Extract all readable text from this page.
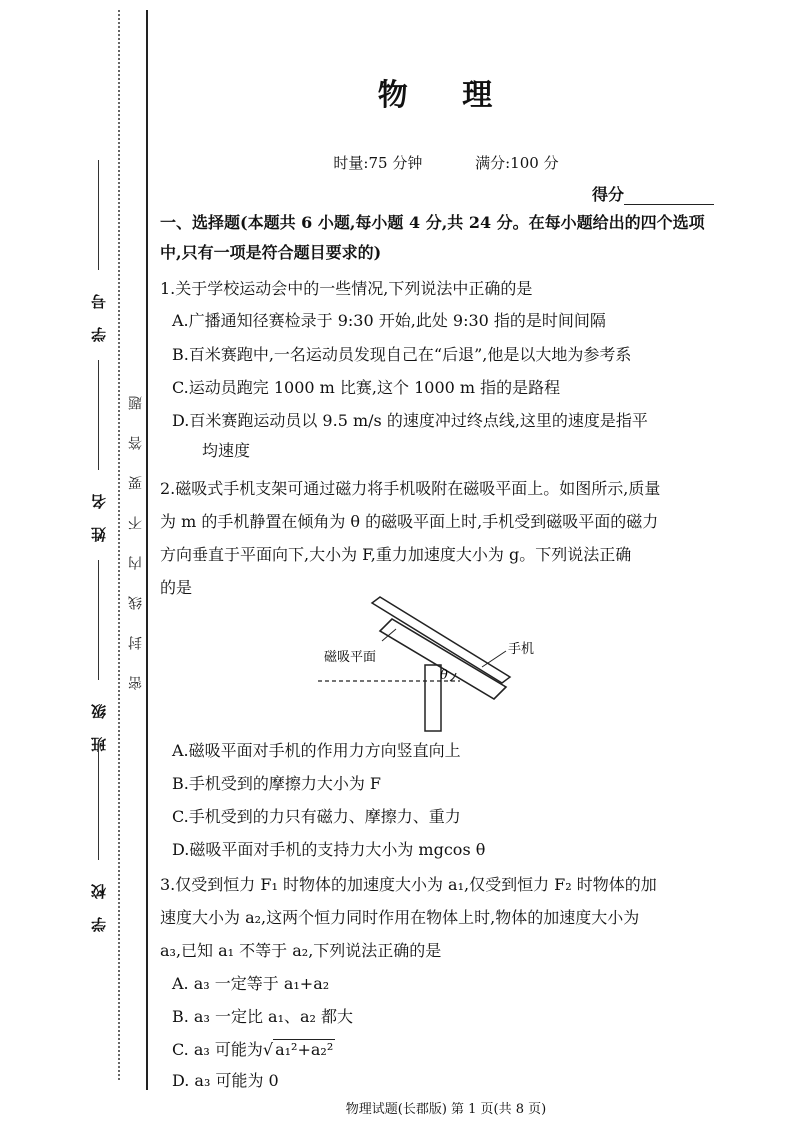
学号
姓名
班级
学校
密封线内不要答题
物 理
时量:75 分钟	满分:100 分
得分
一、选择题(本题共 6 小题,每小题 4 分,共 24 分。在每小题给出的四个选项中,只有一项是符合题目要求的)
1.关于学校运动会中的一些情况,下列说法中正确的是
A.广播通知径赛检录于 9:30 开始,此处 9:30 指的是时间间隔
B.百米赛跑中,一名运动员发现自己在“后退”,他是以大地为参考系
C.运动员跑完 1000 m 比赛,这个 1000 m 指的是路程
D.百米赛跑运动员以 9.5 m/s 的速度冲过终点线,这里的速度是指平
均速度
2.磁吸式手机支架可通过磁力将手机吸附在磁吸平面上。如图所示,质量
为 m 的手机静置在倾角为 θ 的磁吸平面上时,手机受到磁吸平面的磁力
方向垂直于平面向下,大小为 F,重力加速度大小为 g。下列说法正确
的是
磁吸平面
手机
θ
A.磁吸平面对手机的作用力方向竖直向上
B.手机受到的摩擦力大小为 F
C.手机受到的力只有磁力、摩擦力、重力
D.磁吸平面对手机的支持力大小为 mgcos θ
3.仅受到恒力 F₁ 时物体的加速度大小为 a₁,仅受到恒力 F₂ 时物体的加
速度大小为 a₂,这两个恒力同时作用在物体上时,物体的加速度大小为
a₃,已知 a₁ 不等于 a₂,下列说法正确的是
A. a₃ 一定等于 a₁+a₂
B. a₃ 一定比 a₁、a₂ 都大
C. a₃ 可能为√ a₁²+a₂²
D. a₃ 可能为 0
物理试题(长郡版) 第 1 页(共 8 页)
